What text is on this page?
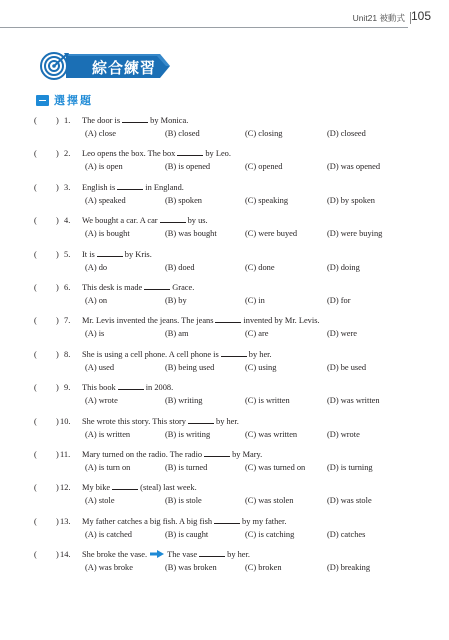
Unit21 被動式 105
綜合練習
選擇題
( ) 1. The door is	by Monica.
(A) close	(B) closed	(C) closing	(D) closeed
( ) 2. Leo opens the box. The box	by Leo.
(A) is open	(B) is opened	(C) opened	(D) was opened
( ) 3. English is	in England.
(A) speaked	(B) spoken	(C) speaking	(D) by spoken
( ) 4. We bought a car. A car	by us.
(A) is bought	(B) was bought	(C) were buyed	(D) were buying
( ) 5. It is	by Kris.
(A) do	(B) doed	(C) done	(D) doing
( ) 6. This desk is made	Grace.
(A) on	(B) by	(C) in	(D) for
( ) 7. Mr. Levis invented the jeans. The jeans	invented by Mr. Levis.
(A) is	(B) am	(C) are	(D) were
( ) 8. She is using a cell phone. A cell phone is	by her.
(A) used	(B) being used	(C) using	(D) be used
( ) 9. This book	in 2008.
(A) wrote	(B) writing	(C) is written	(D) was written
( ) 10. She wrote this story. This story	by her.
(A) is written	(B) is writing	(C) was written	(D) wrote
( ) 11. Mary turned on the radio. The radio	by Mary.
(A) is turn on	(B) is turned	(C) was turned on	(D) is turning
( ) 12. My bike	(steal) last week.
(A) stole	(B) is stole	(C) was stolen	(D) was stole
( ) 13. My father catches a big fish. A big fish	by my father.
(A) is catched	(B) is caught	(C) is catching	(D) catches
( ) 14. She broke the vase. The vase	by her.
(A) was broke	(B) was broken	(C) broken	(D) breaking
